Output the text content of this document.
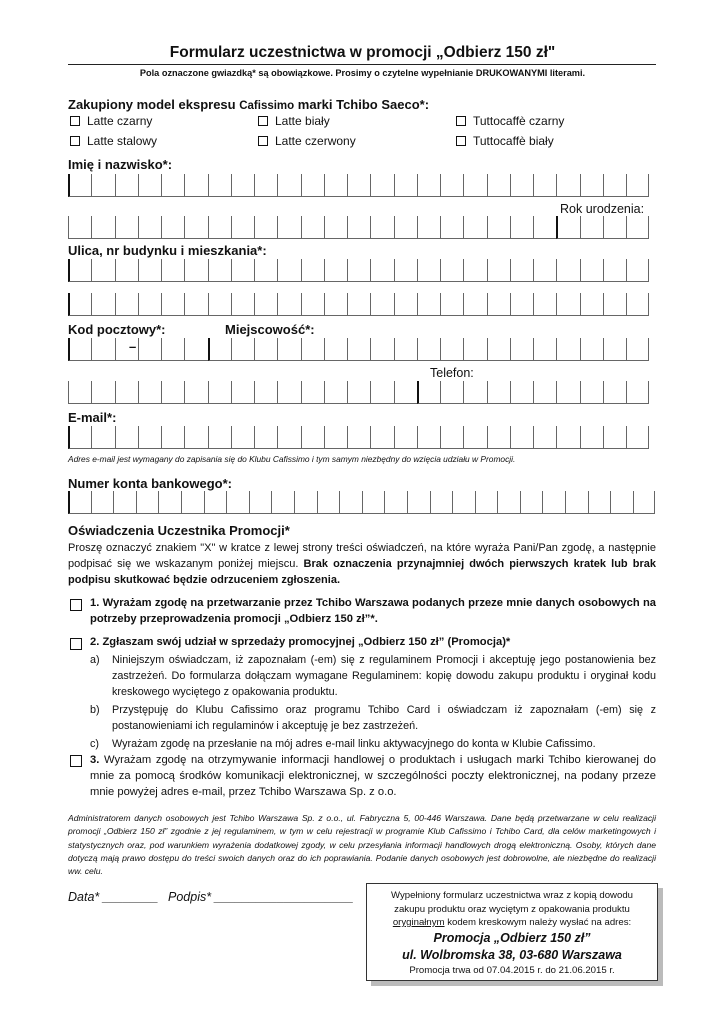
Formularz uczestnictwa w promocji „Odbierz 150 zł"
Pola oznaczone gwiazdką* są obowiązkowe. Prosimy o czytelne wypełnianie DRUKOWANYMI literami.
Zakupiony model ekspresu Cafissimo marki Tchibo Saeco*:
Latte czarny	Latte biały	Tuttocaffè czarny
Latte stalowy	Latte czerwony	Tuttocaffè biały
Imię i nazwisko*:
Rok urodzenia:
Ulica, nr budynku i mieszkania*:
Kod pocztowy*:	Miejscowość*:
–
Telefon:
E-mail*:
Adres e-mail jest wymagany do zapisania się do Klubu Cafissimo i tym samym niezbędny do wzięcia udziału w Promocji.
Numer konta bankowego*:
Oświadczenia Uczestnika Promocji*
Proszę oznaczyć znakiem "X" w kratce z lewej strony treści oświadczeń, na które wyraża Pani/Pan zgodę, a następnie podpisać się we wskazanym poniżej miejscu. Brak oznaczenia przynajmniej dwóch pierwszych kratek lub brak podpisu skutkować będzie odrzuceniem zgłoszenia.
1. Wyrażam zgodę na przetwarzanie przez Tchibo Warszawa podanych przeze mnie danych osobowych na potrzeby przeprowadzenia promocji „Odbierz 150 zł”*.
2. Zgłaszam swój udział w sprzedaży promocyjnej „Odbierz 150 zł” (Promocja)*
a)	Niniejszym oświadczam, iż zapoznałam (-em) się z regulaminem Promocji i akceptuję jego postanowienia bez zastrzeżeń. Do formularza dołączam wymagane Regulaminem: kopię dowodu zakupu produktu i oryginał kodu kreskowego wyciętego z opakowania produktu.
b)	Przystępuję do Klubu Cafissimo oraz programu Tchibo Card i oświadczam iż zapoznałam (-em) się z postanowieniami ich regulaminów i akceptuję je bez zastrzeżeń.
c)	Wyrażam zgodę na przesłanie na mój adres e-mail linku aktywacyjnego do konta w Klubie Cafissimo.
3. Wyrażam zgodę na otrzymywanie informacji handlowej o produktach i usługach marki Tchibo kierowanej do mnie za pomocą środków komunikacji elektronicznej, w szczególności poczty elektronicznej, na podany przeze mnie powyżej adres e-mail, przez Tchibo Warszawa Sp. z o.o.
Administratorem danych osobowych jest Tchibo Warszawa Sp. z o.o., ul. Fabryczna 5, 00-446 Warszawa. Dane będą przetwarzane w celu realizacji promocji „Odbierz 150 zł” zgodnie z jej regulaminem, w tym w celu rejestracji w programie Klub Cafissimo i Tchibo Card, dla celów marketingowych i statystycznych oraz, pod warunkiem wyrażenia dodatkowej zgody, w celu przesyłania informacji handlowych drogą elektroniczną. Osoby, których dane dotyczą mają prawo dostępu do treści swoich danych oraz do ich poprawiania. Podanie danych osobowych jest dobrowolne, ale niezbędne do realizacji ww. celu.
Data* ________ Podpis* ____________________	Wypełniony formularz uczestnictwa wraz z kopią dowodu
zakupu produktu oraz wyciętym z opakowania produktu
oryginałnym kodem kreskowym należy wysłać na adres:
Promocja „Odbierz 150 zł”
ul. Wolbromska 38, 03-680 Warszawa
Promocja trwa od 07.04.2015 r. do 21.06.2015 r.
